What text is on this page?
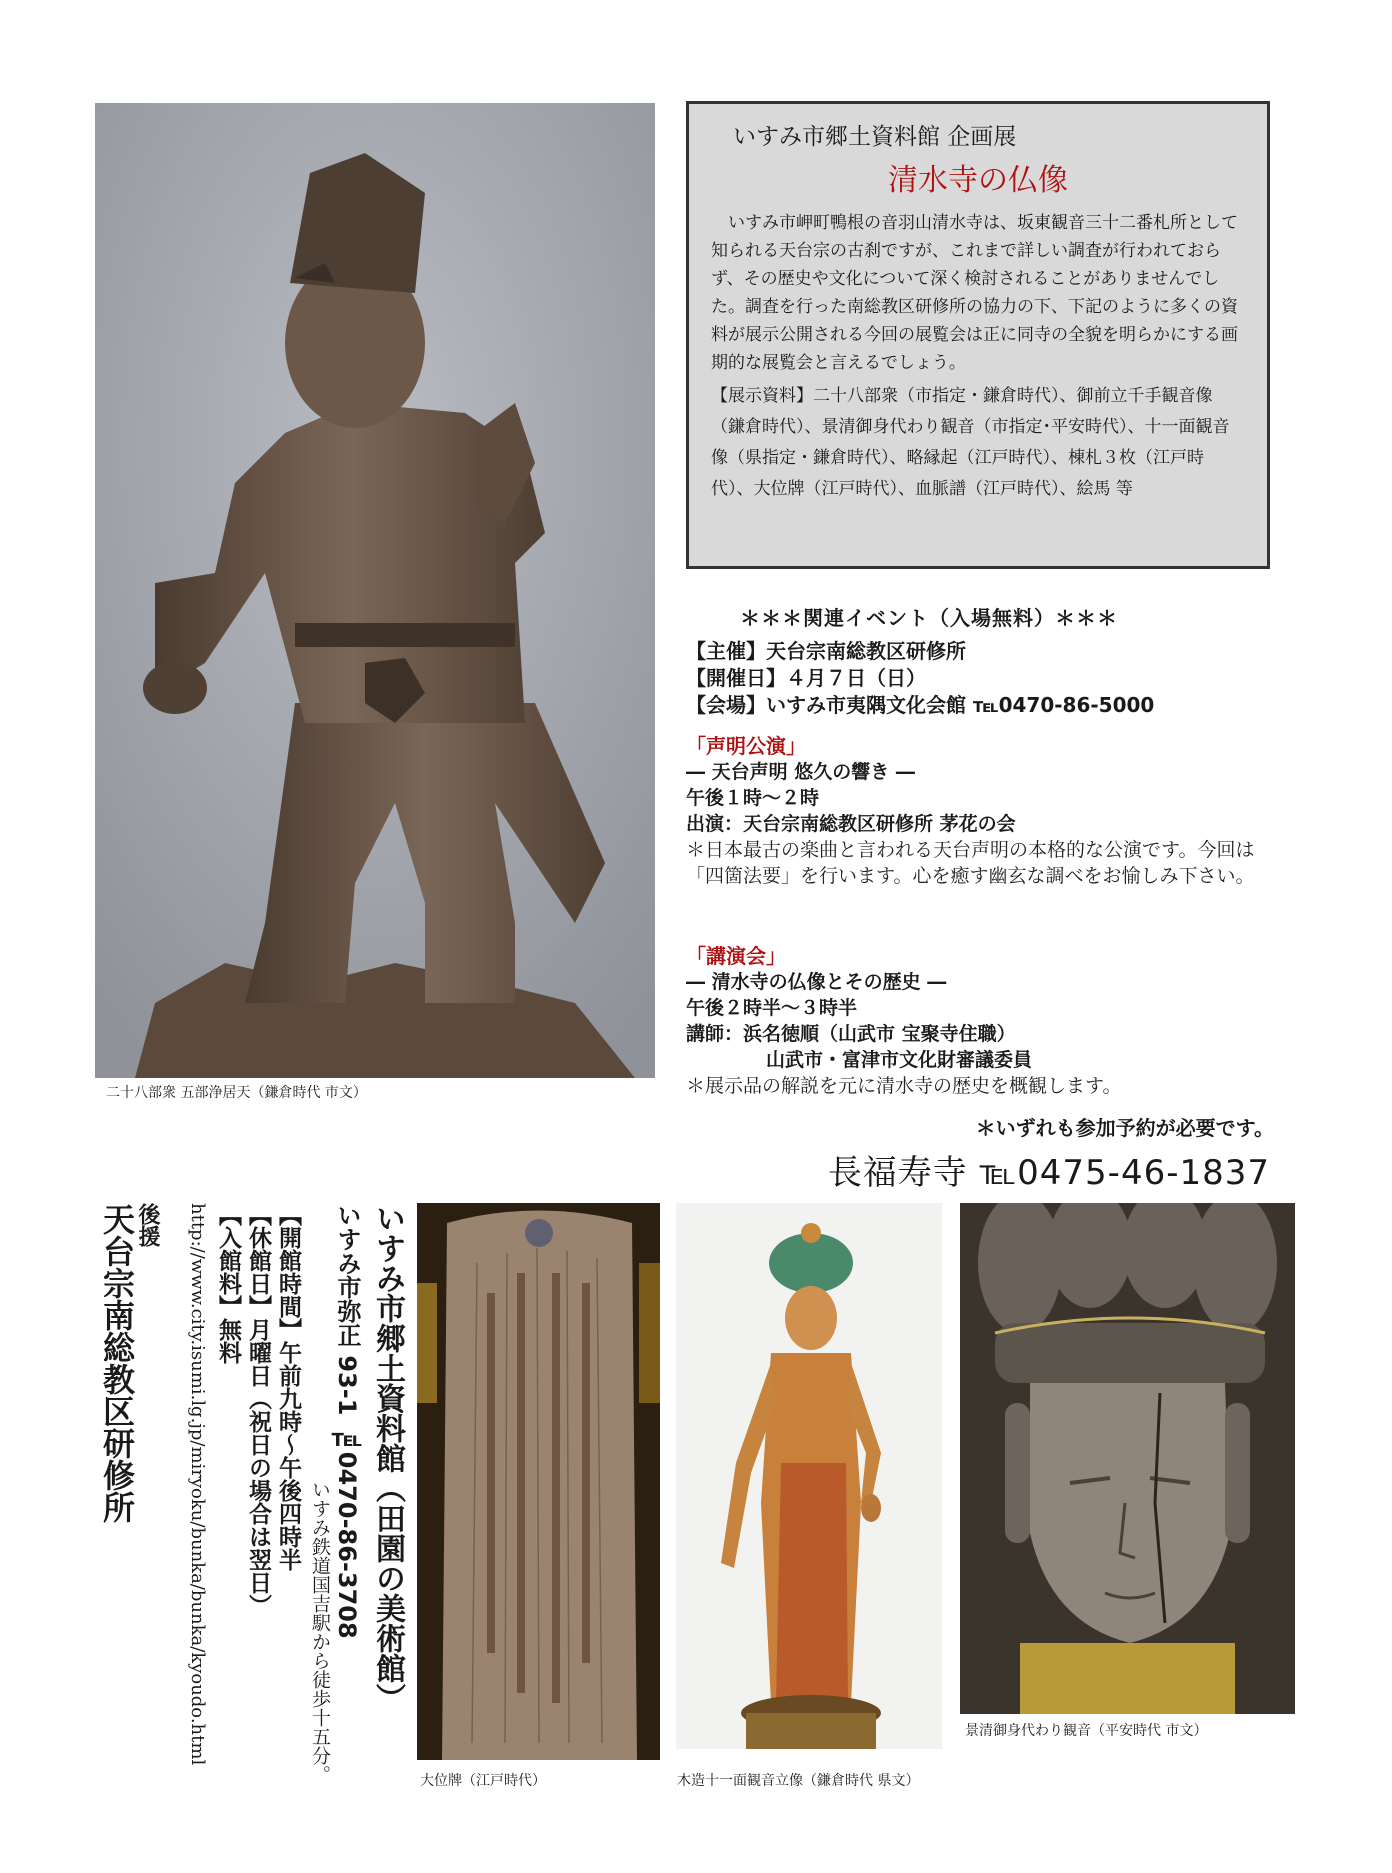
二十八部衆 五部浄居天（鎌倉時代 市文）
いすみ市郷土資料館 企画展
清水寺の仏像

いすみ市岬町鴨根の音羽山清水寺は、坂東観音三十二番札所として知られる天台宗の古刹ですが、これまで詳しい調査が行われておらず、その歴史や文化について深く検討されることがありませんでした。調査を行った南総教区研修所の協力の下、下記のように多くの資料が展示公開される今回の展覧会は正に同寺の全貌を明らかにする画期的な展覧会と言えるでしょう。

【展示資料】二十八部衆（市指定・鎌倉時代）、御前立千手観音像（鎌倉時代）、景清御身代わり観音（市指定･平安時代）、十一面観音像（県指定・鎌倉時代）、略縁起（江戸時代）、棟札３枚（江戸時代）、大位牌（江戸時代）、血脈譜（江戸時代）、絵馬 等

＊＊＊関連イベント（入場無料）＊＊＊
【主催】天台宗南総教区研修所
【開催日】４月７日（日）
【会場】いすみ市夷隅文化会館 ℡0470-86-5000
「声明公演」
― 天台声明 悠久の響き ―
午後１時～２時
出演：天台宗南総教区研修所 茅花の会
＊日本最古の楽曲と言われる天台声明の本格的な公演です。今回は「四箇法要」を行います。心を癒す幽玄な調べをお愉しみ下さい。
「講演会」
― 清水寺の仏像とその歴史 ―
午後２時半～３時半
講師：浜名徳順（山武市 宝聚寺住職）
山武市・富津市文化財審議委員
＊展示品の解説を元に清水寺の歴史を概観します。
＊いずれも参加予約が必要です。
長福寿寺 ℡0475-46-1837
いすみ市郷土資料館（田園の美術館）
いすみ市弥正 93-1 ℡0470-86-3708
いすみ鉄道国吉駅から徒歩十五分。
【開館時間】午前九時～午後四時半
【休館日】月曜日（祝日の場合は翌日）
【入館料】無料
http://www.city.isumi.lg.jp/miryoku/bunka/bunka/kyoudo.html
後援
天台宗南総教区研修所
大位牌（江戸時代）	木造十一面観音立像（鎌倉時代 県文）
景清御身代わり観音（平安時代 市文）
